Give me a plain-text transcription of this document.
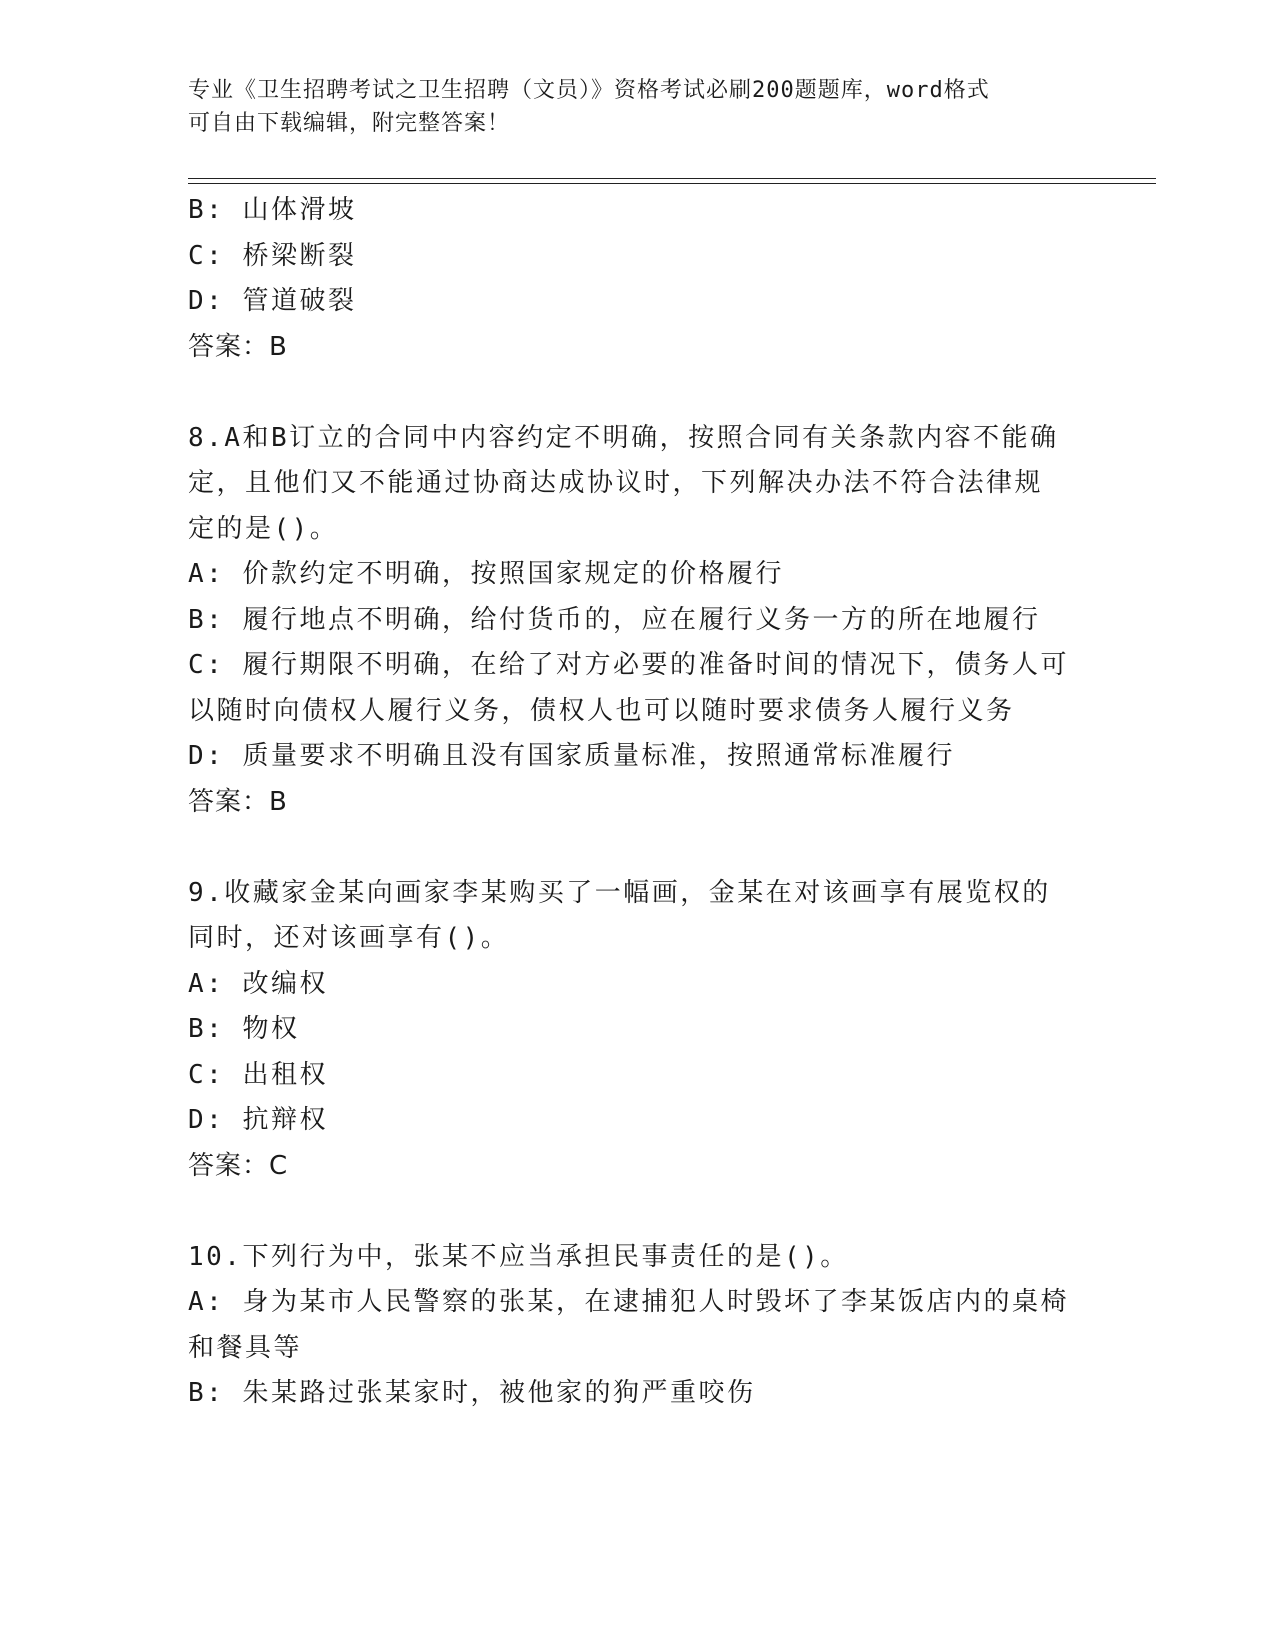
专业《卫生招聘考试之卫生招聘（文员）》资格考试必刷200题题库，word格式
可自由下载编辑，附完整答案！
B: 山体滑坡
C: 桥梁断裂
D: 管道破裂
答案：B
8.A和B订立的合同中内容约定不明确，按照合同有关条款内容不能确
定，且他们又不能通过协商达成协议时，下列解决办法不符合法律规
定的是()。
A: 价款约定不明确，按照国家规定的价格履行
B: 履行地点不明确，给付货币的，应在履行义务一方的所在地履行
C: 履行期限不明确，在给了对方必要的准备时间的情况下，债务人可
以随时向债权人履行义务，债权人也可以随时要求债务人履行义务
D: 质量要求不明确且没有国家质量标准，按照通常标准履行
答案：B
9.收藏家金某向画家李某购买了一幅画，金某在对该画享有展览权的
同时，还对该画享有()。
A: 改编权
B: 物权
C: 出租权
D: 抗辩权
答案：C
10.下列行为中，张某不应当承担民事责任的是()。
A: 身为某市人民警察的张某，在逮捕犯人时毁坏了李某饭店内的桌椅
和餐具等
B: 朱某路过张某家时，被他家的狗严重咬伤
